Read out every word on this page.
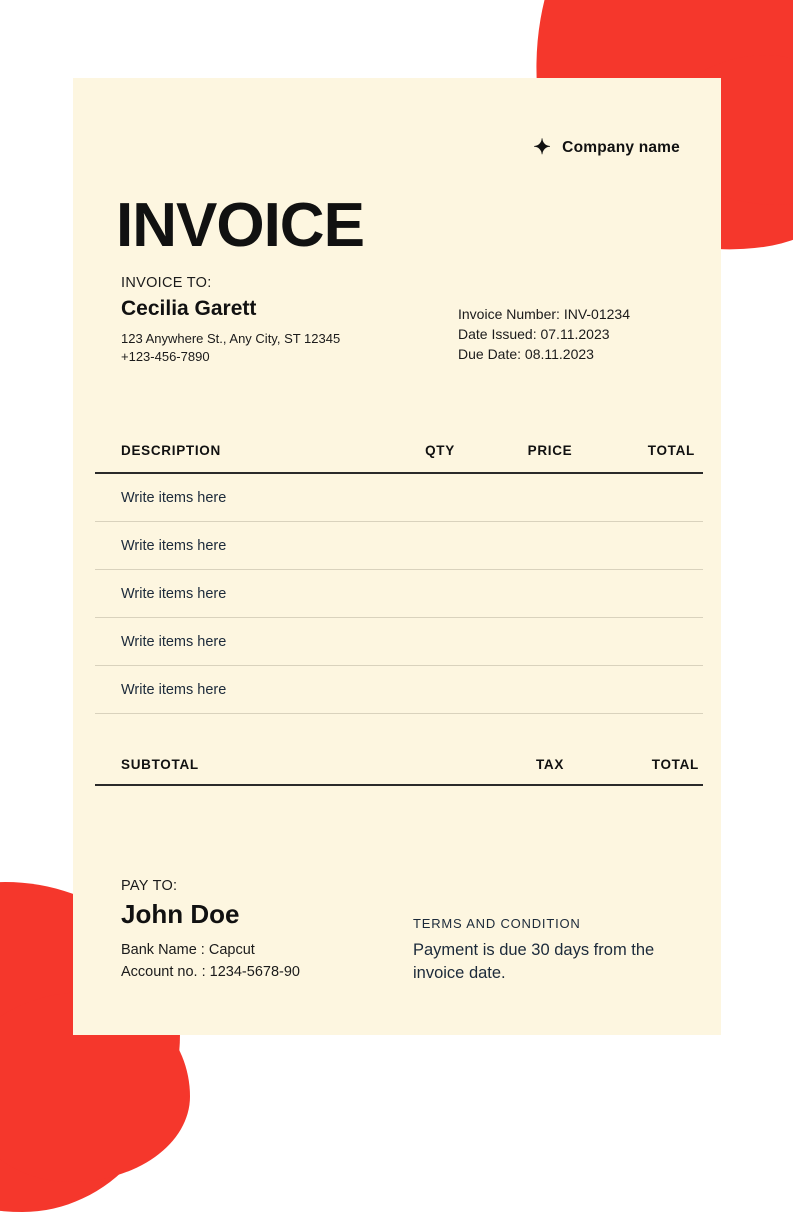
✦ Company name
INVOICE
INVOICE TO:
Cecilia Garett
123 Anywhere St., Any City, ST 12345
+123-456-7890
Invoice Number: INV-01234
Date Issued: 07.11.2023
Due Date: 08.11.2023
DESCRIPTION	QTY	PRICE	TOTAL
Write items here
Write items here
Write items here
Write items here
Write items here
SUBTOTAL	TAX	TOTAL
PAY TO:
John Doe
Bank Name : Capcut
Account no. : 1234-5678-90
TERMS AND CONDITION
Payment is due 30 days from the invoice date.
